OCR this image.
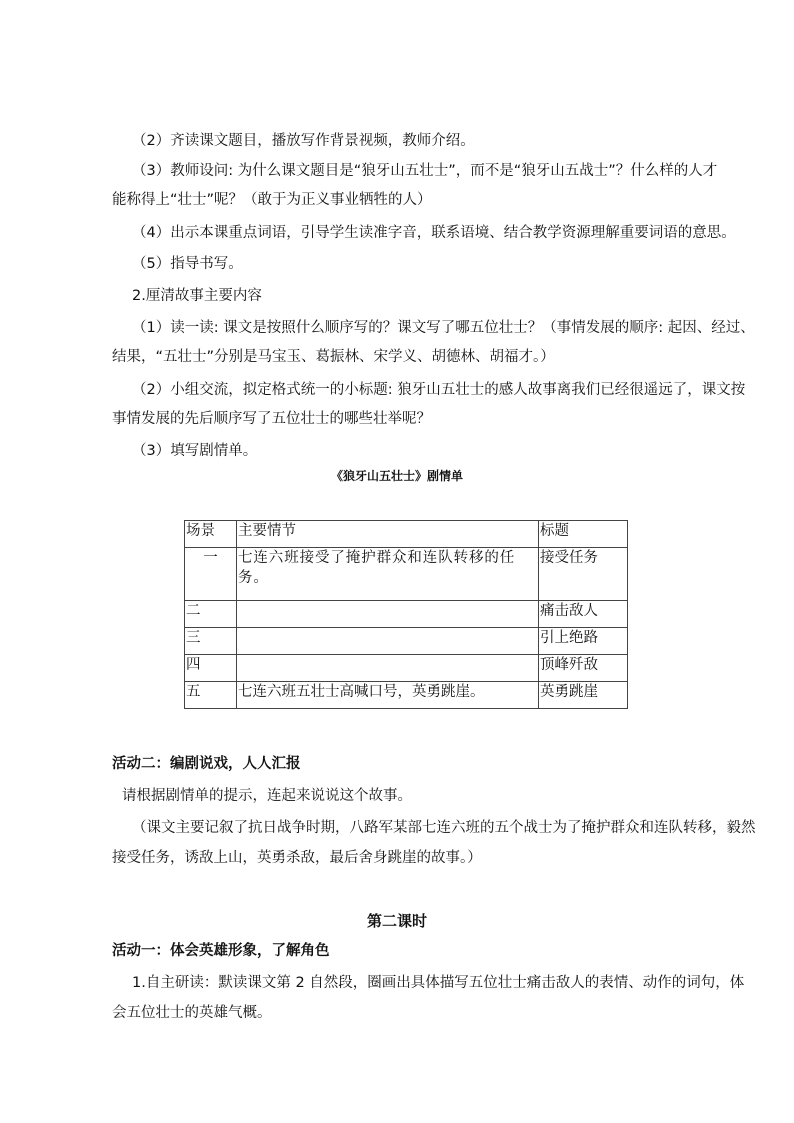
（2）齐读课文题目，播放写作背景视频，教师介绍。
（3）教师设问: 为什么课文题目是“狼牙山五壮士”，而不是“狼牙山五战士”？什么样的人才
能称得上“壮士”呢？（敢于为正义事业牺牲的人）
（4）出示本课重点词语，引导学生读准字音，联系语境、结合教学资源理解重要词语的意思。
（5）指导书写。
2.厘清故事主要内容
（1）读一读: 课文是按照什么顺序写的？课文写了哪五位壮士？（事情发展的顺序: 起因、经过、
结果，“五壮士”分别是马宝玉、葛振林、宋学义、胡德林、胡福才。）
（2）小组交流，拟定格式统一的小标题: 狼牙山五壮士的感人故事离我们已经很遥远了，课文按
事情发展的先后顺序写了五位壮士的哪些壮举呢？
（3）填写剧情单。
《狼牙山五壮士》剧情单
场景	主要情节	标题
一	七连六班接受了掩护群众和连队转移的任务。	接受任务
二		痛击敌人
三		引上绝路
四		顶峰歼敌
五	七连六班五壮士高喊口号，英勇跳崖。	英勇跳崖
活动二：编剧说戏，人人汇报
请根据剧情单的提示，连起来说说这个故事。
（课文主要记叙了抗日战争时期，八路军某部七连六班的五个战士为了掩护群众和连队转移，毅然
接受任务，诱敌上山，英勇杀敌，最后舍身跳崖的故事。）
第二课时
活动一：体会英雄形象，了解角色
1.自主研读：默读课文第 2 自然段，圈画出具体描写五位壮士痛击敌人的表情、动作的词句，体
会五位壮士的英雄气概。
